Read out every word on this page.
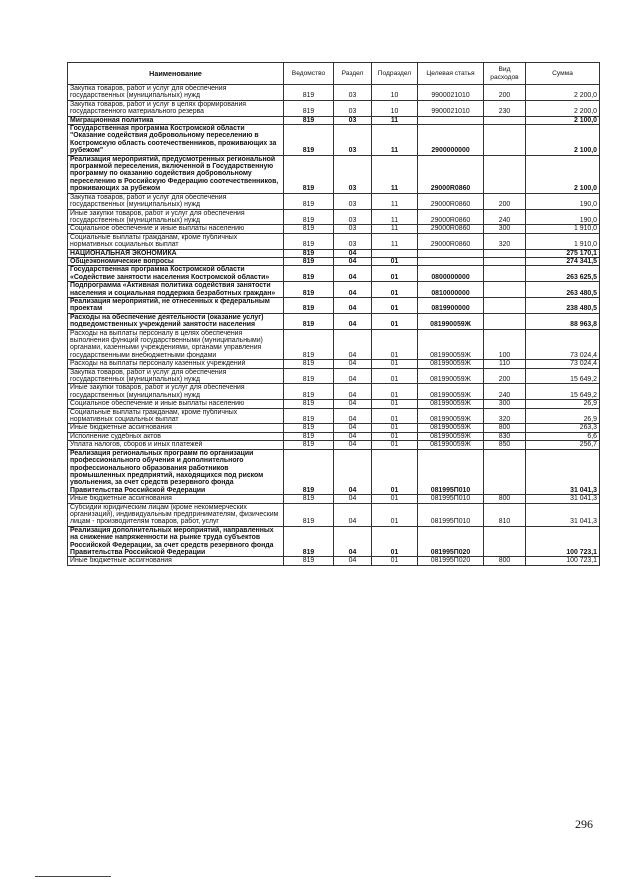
Наименование	Ведомство	Раздел	Подраздел	Целевая статья	Вид расходов	Сумма
Закупка товаров, работ и услуг для обеспечения государственных (муниципальных) нужд	819	03	10	9900021010	200	2 200,0
Закупка товаров, работ и услуг в целях формирования государственного материального резерва	819	03	10	9900021010	230	2 200,0
Миграционная политика	819	03	11			2 100,0
Государственная программа Костромской области "Оказание содействия добровольному переселению в Костромскую область соотечественников, проживающих за рубежом"	819	03	11	2900000000		2 100,0
Реализация мероприятий, предусмотренных региональной программой переселения, включенной в Государственную программу по оказанию содействия добровольному переселению в Российскую Федерацию соотечественников, проживающих за рубежом	819	03	11	29000R0860		2 100,0
Закупка товаров, работ и услуг для обеспечения государственных (муниципальных) нужд	819	03	11	29000R0860	200	190,0
Иные закупки товаров, работ и услуг для обеспечения государственных (муниципальных) нужд	819	03	11	29000R0860	240	190,0
Социальное обеспечение и иные выплаты населению	819	03	11	29000R0860	300	1 910,0
Социальные выплаты гражданам, кроме публичных нормативных социальных выплат	819	03	11	29000R0860	320	1 910,0
НАЦИОНАЛЬНАЯ ЭКОНОМИКА	819	04				275 170,1
Общеэкономические вопросы	819	04	01			274 341,5
Государственная программа Костромской области «Содействие занятости населения Костромской области»	819	04	01	0800000000		263 625,5
Подпрограмма «Активная политика содействия занятости населения и социальная поддержка безработных граждан»	819	04	01	0810000000		263 480,5
Реализация мероприятий, не отнесенных к федеральным проектам	819	04	01	0819900000		238 480,5
Расходы на обеспечение деятельности (оказание услуг) подведомственных учреждений занятости населения	819	04	01	081990059Ж		88 963,8
Расходы на выплаты персоналу в целях обеспечения выполнения функций государственными (муниципальными) органами, казенными учреждениями, органами управления государственными внебюджетными фондами	819	04	01	081990059Ж	100	73 024,4
Расходы на выплаты персоналу казенных учреждений	819	04	01	081990059Ж	110	73 024,4
Закупка товаров, работ и услуг для обеспечения государственных (муниципальных) нужд	819	04	01	081990059Ж	200	15 649,2
Иные закупки товаров, работ и услуг для обеспечения государственных (муниципальных) нужд	819	04	01	081990059Ж	240	15 649,2
Социальное обеспечение и иные выплаты населению	819	04	01	081990059Ж	300	26,9
Социальные выплаты гражданам, кроме публичных нормативных социальных выплат	819	04	01	081990059Ж	320	26,9
Иные бюджетные ассигнования	819	04	01	081990059Ж	800	263,3
Исполнение судебных актов	819	04	01	081990059Ж	830	6,6
Уплата налогов, сборов и иных платежей	819	04	01	081990059Ж	850	256,7
Реализация региональных программ по организации профессионального обучения и дополнительного профессионального образования работников промышленных предприятий, находящихся под риском увольнения, за счет средств резервного фонда Правительства Российской Федерации	819	04	01	081995П010		31 041,3
Иные бюджетные ассигнования	819	04	01	081995П010	800	31 041,3
Субсидии юридическим лицам (кроме некоммерческих организаций), индивидуальным предпринимателям, физическим лицам - производителям товаров, работ, услуг	819	04	01	081995П010	810	31 041,3
Реализация дополнительных мероприятий, направленных на снижение напряженности на рынке труда субъектов Российской Федерации, за счет средств резервного фонда Правительства Российской Федерации	819	04	01	081995П020		100 723,1
Иные бюджетные ассигнования	819	04	01	081995П020	800	100 723,1
296
